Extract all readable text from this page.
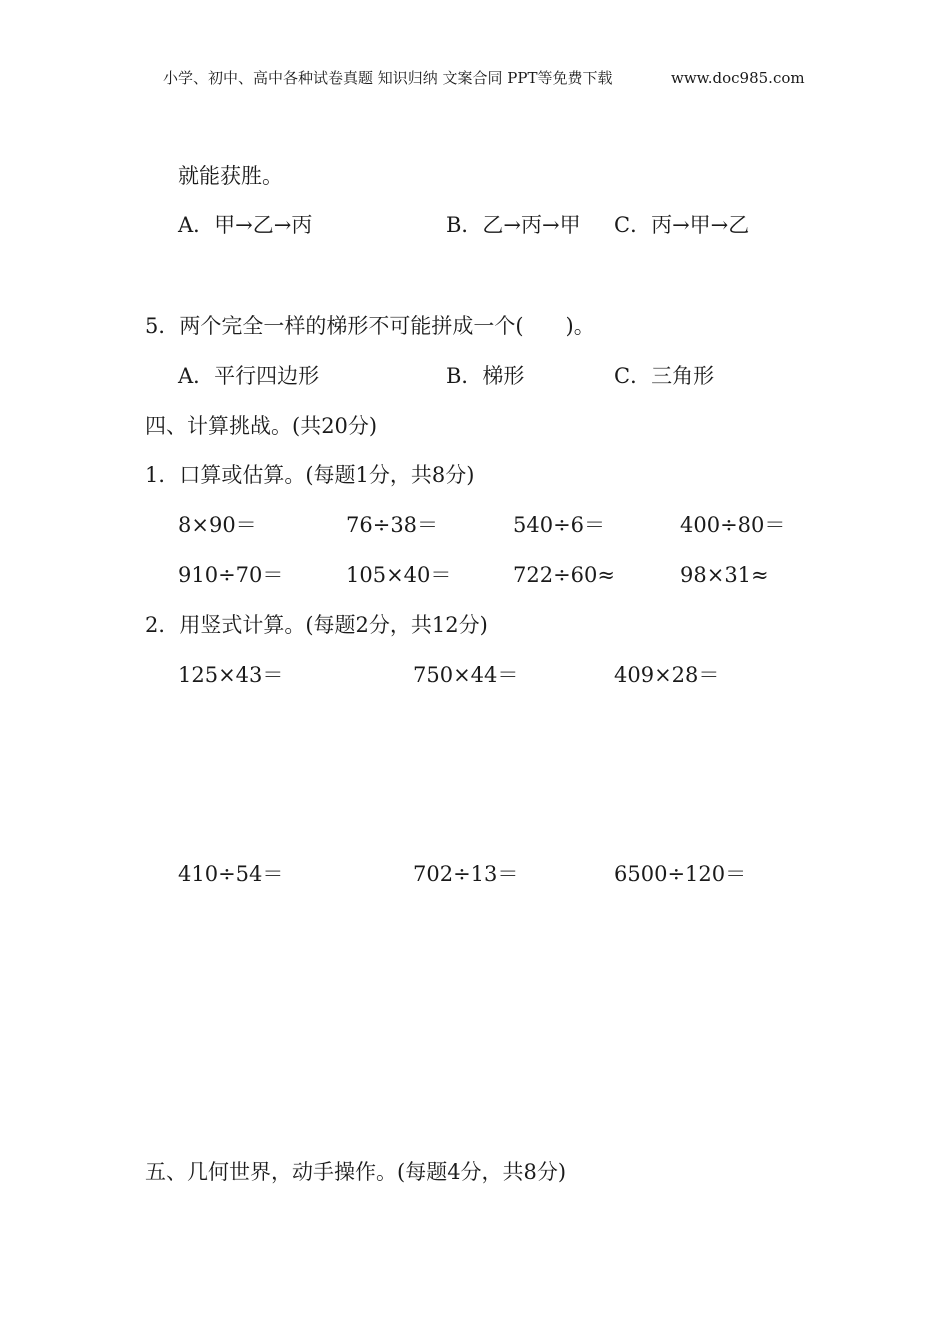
小学、初中、高中各种试卷真题 知识归纳 文案合同 PPT等免费下载	www.doc985.com
就能获胜。
A．甲→乙→丙	B．乙→丙→甲 C．丙→甲→乙
5．两个完全一样的梯形不可能拼成一个(　　)。
A．平行四边形	B．梯形	C．三角形
四、计算挑战。(共20分)
1．口算或估算。(每题1分，共8分)
8×90＝	76÷38＝	540÷6＝	400÷80＝
910÷70＝	105×40＝	722÷60≈	98×31≈
2．用竖式计算。(每题2分，共12分)
125×43＝	750×44＝	409×28＝
410÷54＝	702÷13＝	6500÷120＝
五、几何世界，动手操作。(每题4分，共8分)
